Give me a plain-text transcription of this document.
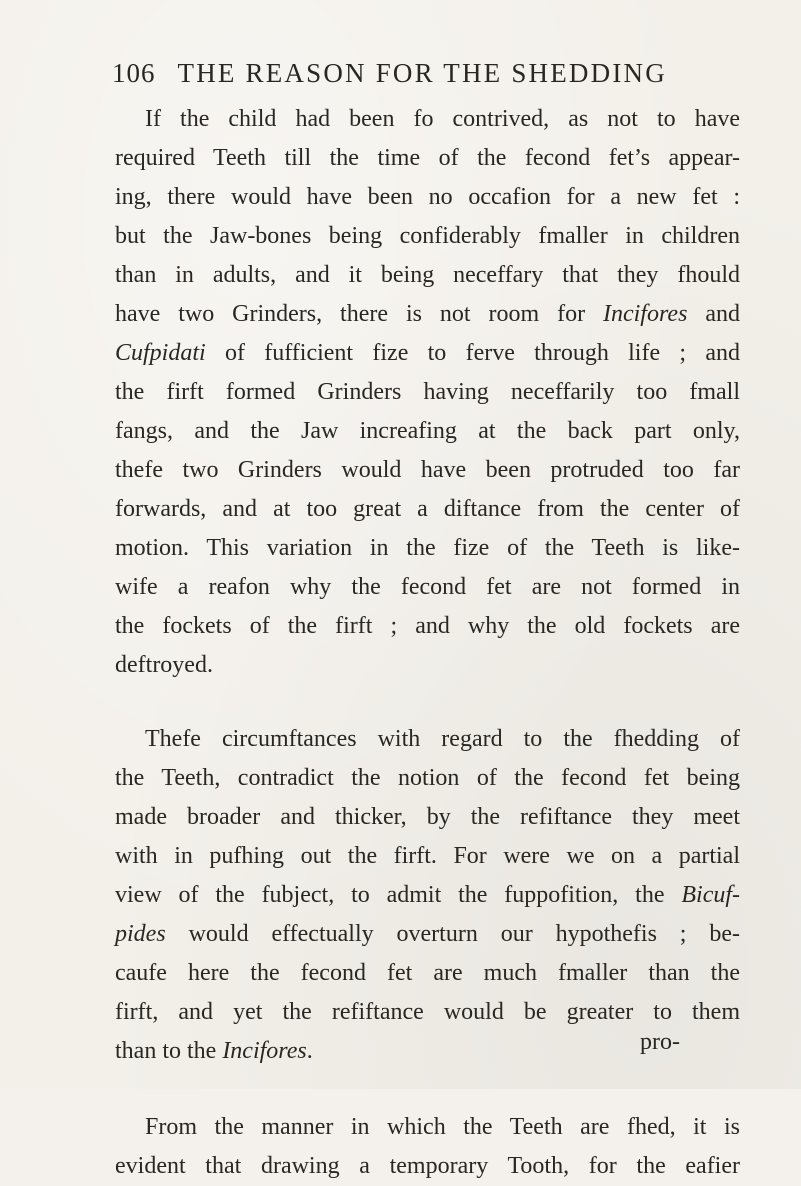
106 THE REASON FOR THE SHEDDING
If the child had been fo contrived, as not to have
required Teeth till the time of the fecond fet’s appear-
ing, there would have been no occafion for a new fet :
but the Jaw-bones being confiderably fmaller in children
than in adults, and it being neceffary that they fhould
have two Grinders, there is not room for Incifores and
Cufpidati of fufficient fize to ferve through life ; and
the firft formed Grinders having neceffarily too fmall
fangs, and the Jaw increafing at the back part only,
thefe two Grinders would have been protruded too far
forwards, and at too great a diftance from the center of
motion. This variation in the fize of the Teeth is like-
wife a reafon why the fecond fet are not formed in
the fockets of the firft ; and why the old fockets are
deftroyed.
Thefe circumftances with regard to the fhedding of
the Teeth, contradict the notion of the fecond fet being
made broader and thicker, by the refiftance they meet
with in pufhing out the firft. For were we on a partial
view of the fubject, to admit the fuppofition, the Bicuf-
pides would effectually overturn our hypothefis ; be-
caufe here the fecond fet are much fmaller than the
firft, and yet the refiftance would be greater to them
than to the Incifores.
From the manner in which the Teeth are fhed, it is
evident that drawing a temporary Tooth, for the eafier
pro-
